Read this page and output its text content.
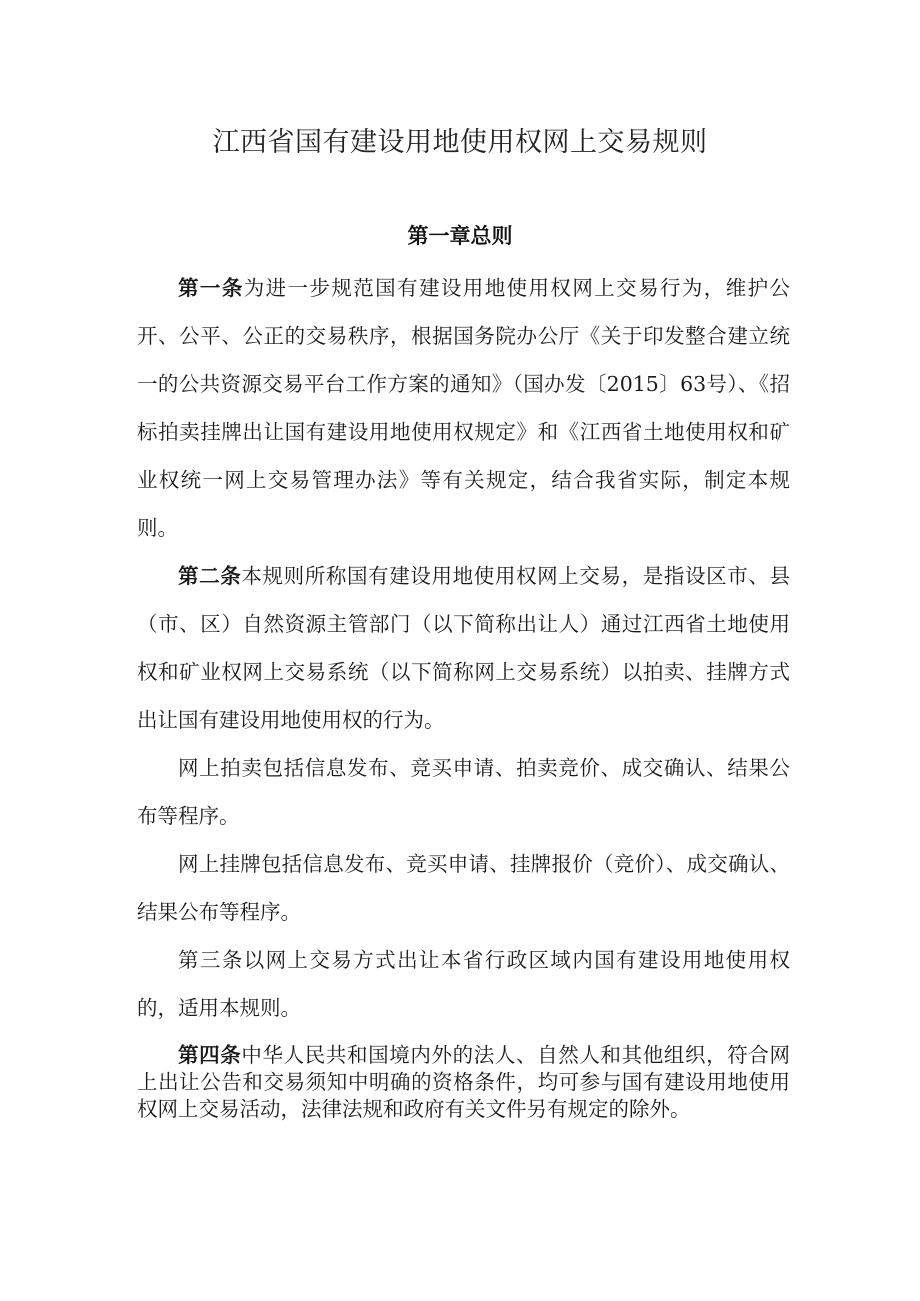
江西省国有建设用地使用权网上交易规则
第一章总则
第一条为进一步规范国有建设用地使用权网上交易行为，维护公开、公平、公正的交易秩序，根据国务院办公厅《关于印发整合建立统一的公共资源交易平台工作方案的通知》（国办发〔2015〕63号）、《招标拍卖挂牌出让国有建设用地使用权规定》和《江西省土地使用权和矿业权统一网上交易管理办法》等有关规定，结合我省实际，制定本规则。
第二条本规则所称国有建设用地使用权网上交易，是指设区市、县（市、区）自然资源主管部门（以下简称出让人）通过江西省土地使用权和矿业权网上交易系统（以下简称网上交易系统）以拍卖、挂牌方式出让国有建设用地使用权的行为。
网上拍卖包括信息发布、竞买申请、拍卖竞价、成交确认、结果公布等程序。
网上挂牌包括信息发布、竞买申请、挂牌报价（竞价）、成交确认、结果公布等程序。
第三条以网上交易方式出让本省行政区域内国有建设用地使用权的，适用本规则。
第四条中华人民共和国境内外的法人、自然人和其他组织，符合网上出让公告和交易须知中明确的资格条件，均可参与国有建设用地使用权网上交易活动，法律法规和政府有关文件另有规定的除外。
